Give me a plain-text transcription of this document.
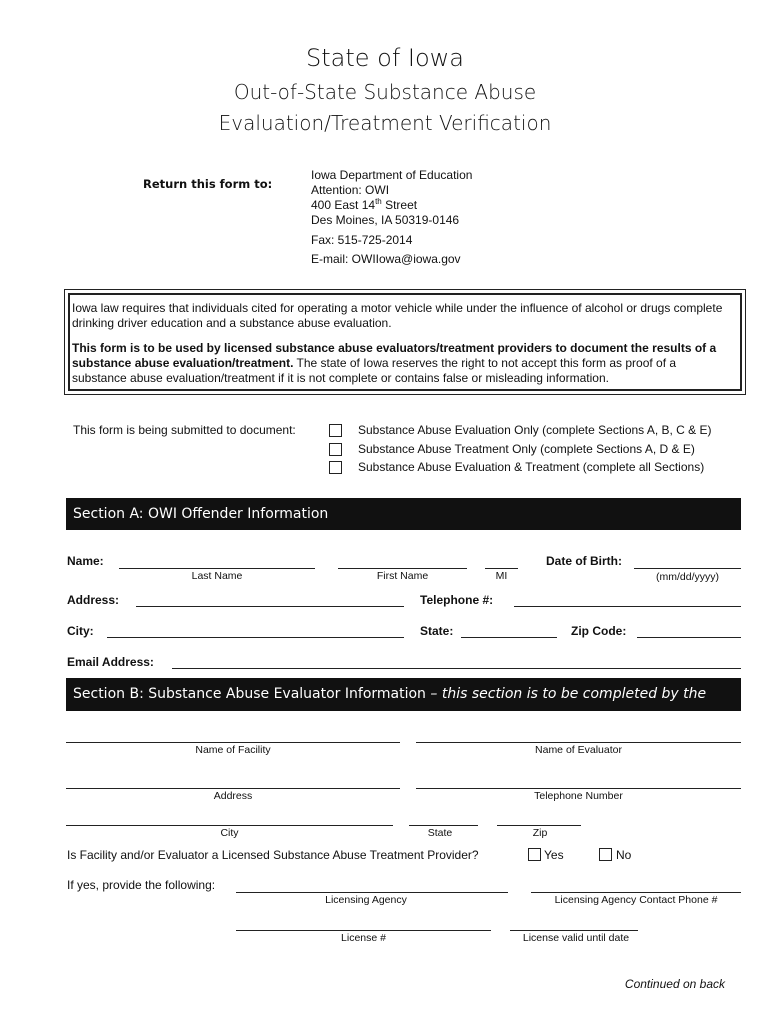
State of Iowa
Out-of-State Substance Abuse
Evaluation/Treatment Verification
Return this form to:
Iowa Department of Education
Attention: OWI
400 East 14th Street
Des Moines, IA 50319-0146
Fax: 515-725-2014
E-mail: OWIIowa@iowa.gov
Iowa law requires that individuals cited for operating a motor vehicle while under the influence of alcohol or drugs complete drinking driver education and a substance abuse evaluation.
This form is to be used by licensed substance abuse evaluators/treatment providers to document the results of a substance abuse evaluation/treatment. The state of Iowa reserves the right to not accept this form as proof of a substance abuse evaluation/treatment if it is not complete or contains false or misleading information.
This form is being submitted to document:	Substance Abuse Evaluation Only (complete Sections A, B, C & E)
Substance Abuse Treatment Only (complete Sections A, D & E)
Substance Abuse Evaluation & Treatment (complete all Sections)
Section A: OWI Offender Information
Name:	Date of Birth:
Last Name	First Name	MI	(mm/dd/yyyy)
Address:	Telephone #:
City:	State:	Zip Code:
Email Address:
Section B: Substance Abuse Evaluator Information – this section is to be completed by the evaluator
Name of Facility	Name of Evaluator
Address	Telephone Number
City	State	Zip
Is Facility and/or Evaluator a Licensed Substance Abuse Treatment Provider?	Yes	No
If yes, provide the following:
Licensing Agency	Licensing Agency Contact Phone #
License #	License valid until date
Continued on back
